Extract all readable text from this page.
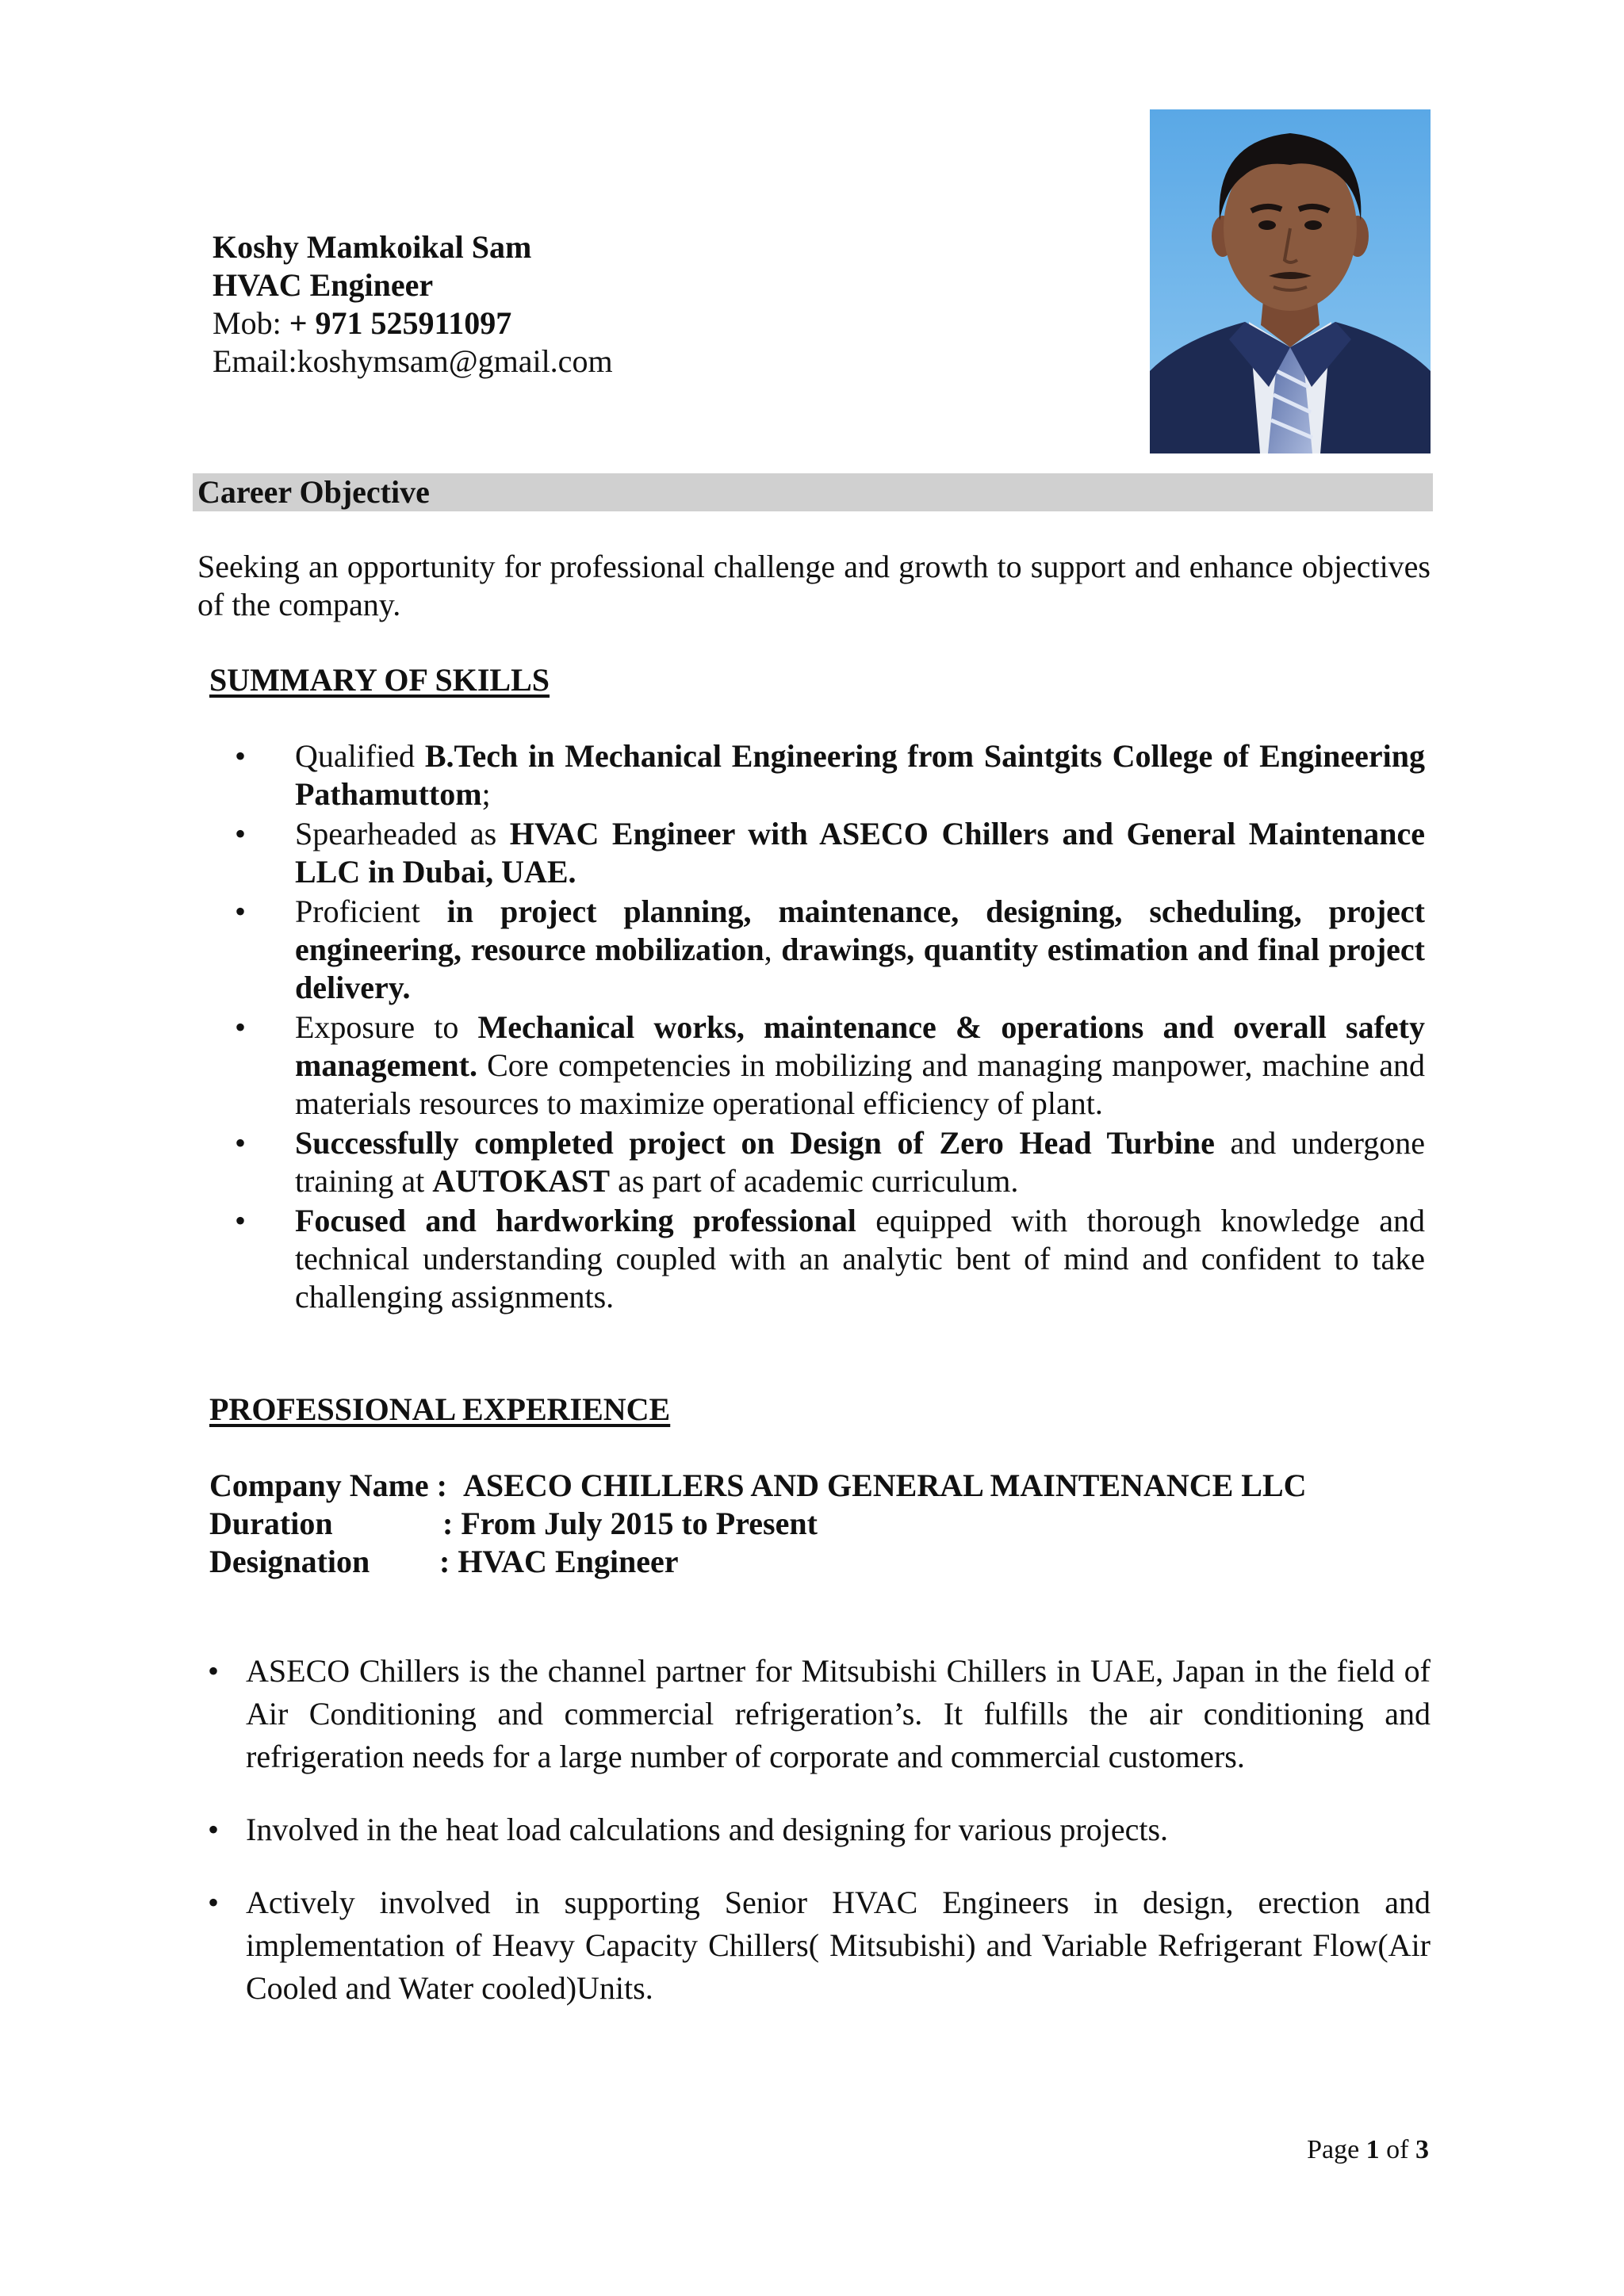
Koshy Mamkoikal Sam
HVAC Engineer
Mob: + 971 525911097
Email:koshymsam@gmail.com
Career Objective
Seeking an opportunity for professional challenge and growth to support and enhance objectives of the company.
SUMMARY OF SKILLS
• Qualified B.Tech in Mechanical Engineering from Saintgits College of Engineering Pathamuttom;
• Spearheaded as HVAC Engineer with ASECO Chillers and General Maintenance LLC in Dubai, UAE.
• Proficient in project planning, maintenance, designing, scheduling, project engineering, resource mobilization, drawings, quantity estimation and final project delivery.
• Exposure to Mechanical works, maintenance & operations and overall safety management. Core competencies in mobilizing and managing manpower, machine and materials resources to maximize operational efficiency of plant.
• Successfully completed project on Design of Zero Head Turbine and undergone training at AUTOKAST as part of academic curriculum.
• Focused and hardworking professional equipped with thorough knowledge and technical understanding coupled with an analytic bent of mind and confident to take challenging assignments.
PROFESSIONAL EXPERIENCE
Company Name : ASECO CHILLERS AND GENERAL MAINTENANCE LLC
Duration	: From July 2015 to Present
Designation : HVAC Engineer
• ASECO Chillers is the channel partner for Mitsubishi Chillers in UAE, Japan in the field of Air Conditioning and commercial refrigeration’s. It fulfills the air conditioning and refrigeration needs for a large number of corporate and commercial customers.
• Involved in the heat load calculations and designing for various projects.
• Actively involved in supporting Senior HVAC Engineers in design, erection and implementation of Heavy Capacity Chillers( Mitsubishi) and Variable Refrigerant Flow(Air Cooled and Water cooled)Units.
Page 1 of 3
